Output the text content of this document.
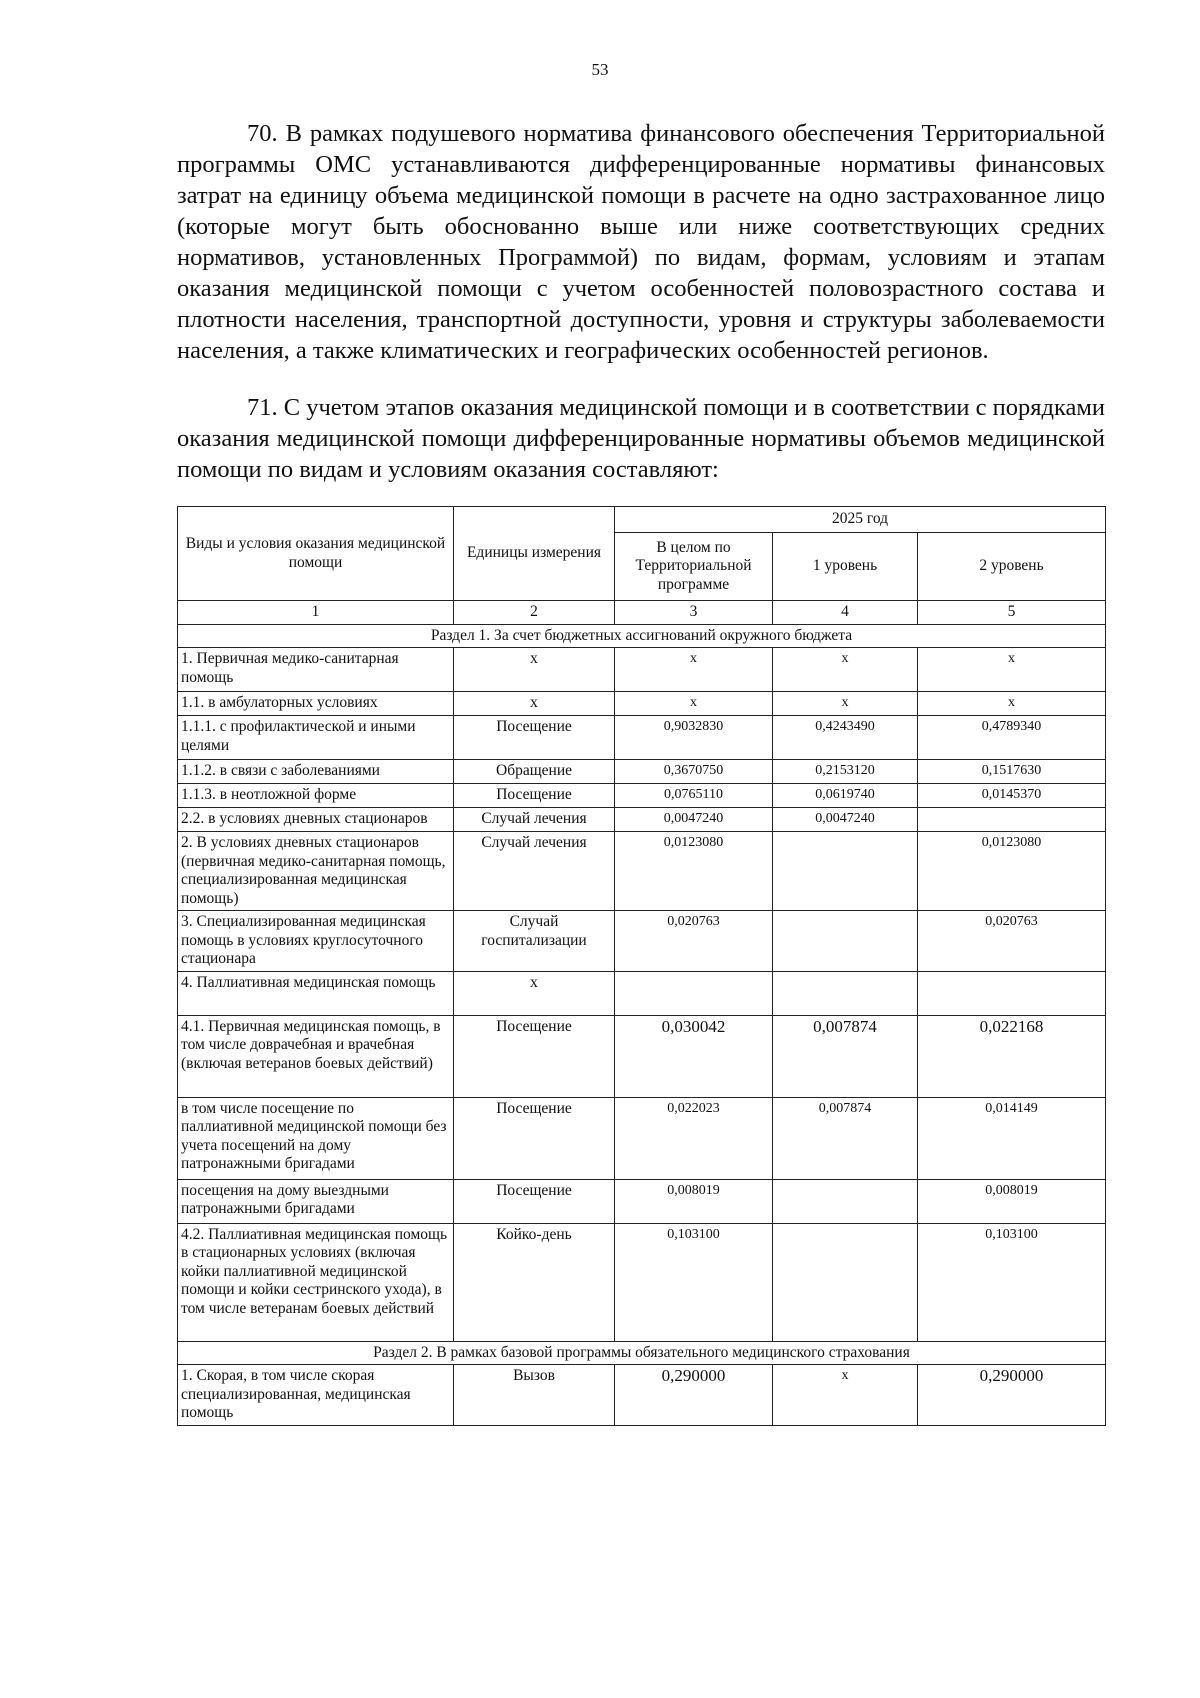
53
70. В рамках подушевого норматива финансового обеспечения Территориальной программы ОМС устанавливаются дифференцированные нормативы финансовых затрат на единицу объема медицинской помощи в расчете на одно застрахованное лицо (которые могут быть обоснованно выше или ниже соответствующих средних нормативов, установленных Программой) по видам, формам, условиям и этапам оказания медицинской помощи с учетом особенностей половозрастного состава и плотности населения, транспортной доступности, уровня и структуры заболеваемости населения, а также климатических и географических особенностей регионов.
71. С учетом этапов оказания медицинской помощи и в соответствии с порядками оказания медицинской помощи дифференцированные нормативы объемов медицинской помощи по видам и условиям оказания составляют:
Виды и условия оказания медицинской помощи	Единицы измерения	2025 год		
		В целом по Территориальной программе	1 уровень	2 уровень
1	2	3	4	5
Раздел 1. За счет бюджетных ассигнований окружного бюджета				
1. Первичная медико-санитарная помощь	х	х	х	х
1.1. в амбулаторных условиях	х	х	х	х
1.1.1. с профилактической и иными целями	Посещение	0,9032830	0,4243490	0,4789340
1.1.2. в связи с заболеваниями	Обращение	0,3670750	0,2153120	0,1517630
1.1.3. в неотложной форме	Посещение	0,0765110	0,0619740	0,0145370
2.2. в условиях дневных стационаров	Случай лечения	0,0047240	0,0047240	
2. В условиях дневных стационаров (первичная медико-санитарная помощь, специализированная медицинская помощь)	Случай лечения	0,0123080		0,0123080
3. Специализированная медицинская помощь в условиях круглосуточного стационара	Случай госпитализации	0,020763		0,020763
4. Паллиативная медицинская помощь	х			
4.1. Первичная медицинская помощь, в том числе доврачебная и врачебная (включая ветеранов боевых действий)	Посещение	0,030042	0,007874	0,022168
в том числе посещение по паллиативной медицинской помощи без учета посещений на дому патронажными бригадами	Посещение	0,022023	0,007874	0,014149
посещения на дому выездными патронажными бригадами	Посещение	0,008019		0,008019
4.2. Паллиативная медицинская помощь в стационарных условиях (включая койки паллиативной медицинской помощи и койки сестринского ухода), в том числе ветеранам боевых действий	Койко-день	0,103100		0,103100
Раздел 2. В рамках базовой программы обязательного медицинского страхования				
1. Скорая, в том числе скорая специализированная, медицинская помощь	Вызов	0,290000	х	0,290000
